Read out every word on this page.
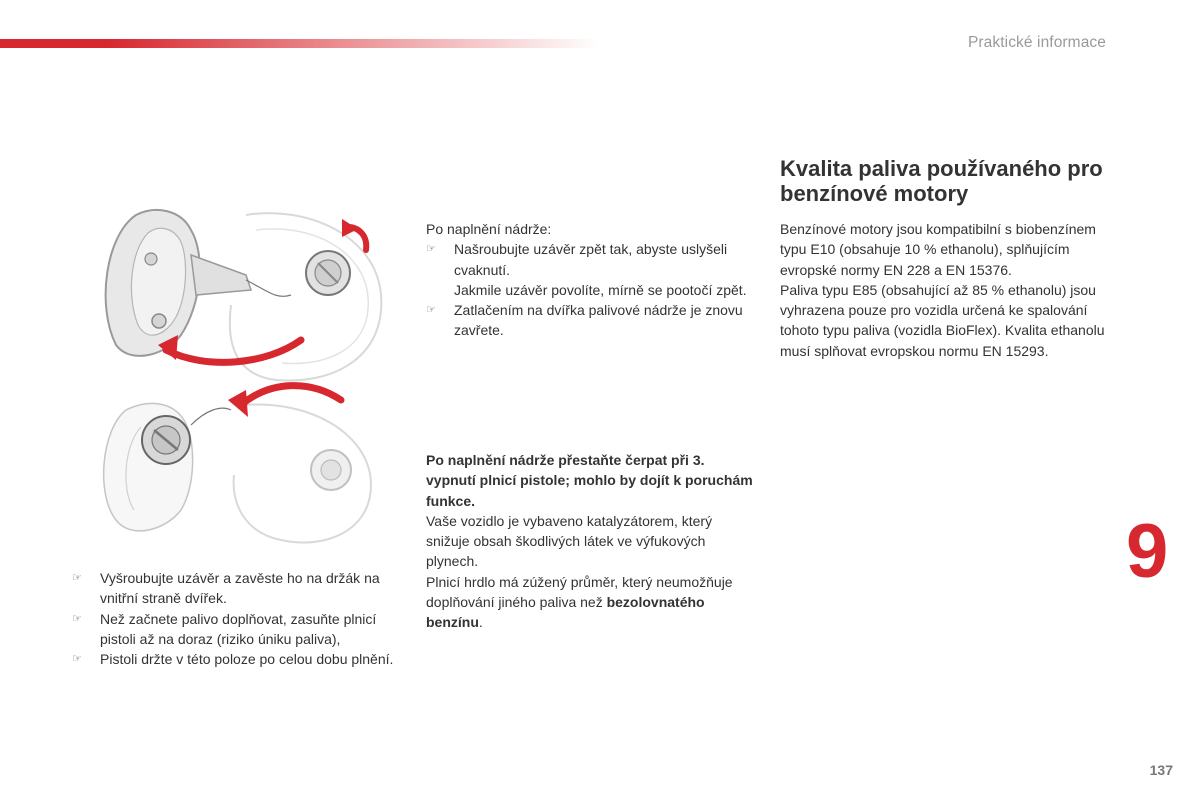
Praktické informace
☞ Vyšroubujte uzávěr a zavěste ho na držák na vnitřní straně dvířek.
☞ Než začnete palivo doplňovat, zasuňte plnicí pistoli až na doraz (riziko úniku paliva),
☞ Pistoli držte v této poloze po celou dobu plnění.

Po naplnění nádrže:

☞ Našroubujte uzávěr zpět tak, abyste uslyšeli cvaknutí.
Jakmile uzávěr povolíte, mírně se pootočí zpět.
☞ Zatlačením na dvířka palivové nádrže je znovu zavřete.

Po naplnění nádrže přestaňte čerpat při 3. vypnutí plnicí pistole; mohlo by dojít k poruchám funkce.

Vaše vozidlo je vybaveno katalyzátorem, který snižuje obsah škodlivých látek ve výfukových plynech.

Plnicí hrdlo má zúžený průměr, který neumožňuje doplňování jiného paliva než bezolovnatého benzínu.

Kvalita paliva používaného pro benzínové motory

Benzínové motory jsou kompatibilní s biobenzínem typu E10 (obsahuje 10 % ethanolu), splňujícím evropské normy EN 228 a EN 15376.

Paliva typu E85 (obsahující až 85 % ethanolu) jsou vyhrazena pouze pro vozidla určená ke spalování tohoto typu paliva (vozidla BioFlex). Kvalita ethanolu musí splňovat evropskou normu EN 15293.

9
137
